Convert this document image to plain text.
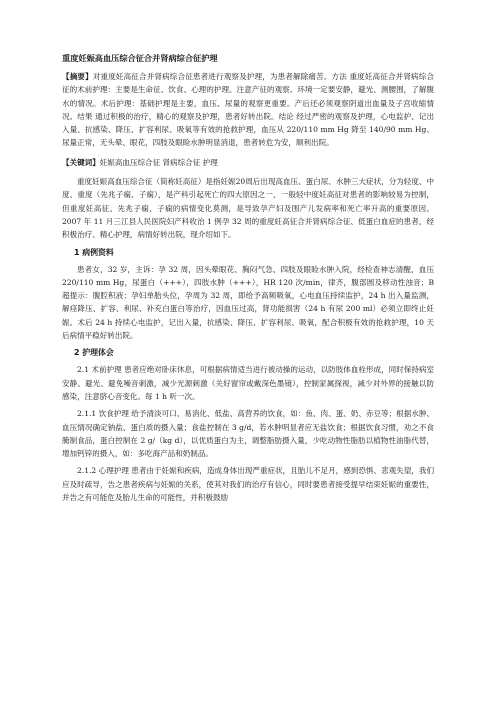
重度妊娠高血压综合征合并肾病综合征护理

【摘要】对重度妊高征合并肾病综合征患者进行观察及护理，为患者解除痛苦。方法 重度妊高征合并肾病综合征的术前护理：主要是生命征、饮食、心理的护理。注意产征的观察。环境一定要安静，避光、测腰围，了解腹水的情况。术后护理：基础护理是主要，血压、尿量的观察更重要。产后还必须观察阴道出血量及子宫收缩情况。结果 通过积极的治疗，精心的观察及护理，患者好转出院。结论 经过严密的观察及护理，心电监护、记出入量、抗感染、降压、扩容利尿、吸氧等有效的抢救护理，血压从 220/110 mm Hg 降至 140/90 mm Hg、尿量正常，无头晕、眼花，四肢及眼睑水肿明显消退，患者转危为安，顺利出院。

【关键词】妊娠高血压综合征 肾病综合征 护理

重度妊娠高血压综合征（简称妊高征）是指妊娠20周后出现高血压、蛋白尿、水肿三大症状，分为轻度、中度、重度（先兆子痫、子痫），是产科引起死亡的四大原因之一，一般轻中度妊高征对患者的影响较易为控制，但重度妊高征、先兆子痫、子痫的病情变化莫测，是导致孕产妇及围产儿发病率和死亡率升高的重要原因。2007 年 11 月三江县人民医院妇产科收治 1 例孕 32 周的重度妊高征合并肾病综合征、低蛋白血症的患者，经积极治疗、精心护理，病情好转出院，现介绍如下。

1 病例资料

患者女，32 岁，主诉：孕 32 周，因头晕眼花、胸闷气急、四肢及眼睑水肿入院，经检查神志清醒，血压 220/110 mm Hg，尿蛋白（+++），四肢水肿（+++），HR 120 次/min，律齐，腹部圆及移动性浊音；B 超提示：腹腔积液；孕妇单胎头位，孕周为 32 周，即给予高频吸氧，心电血压持续监护，24 h 出入量监测，解痉降压、扩容、利尿、补充白蛋白等治疗，因血压过高，肾功能损害（24 h 有尿 200 ml）必须立即终止妊娠。术后 24 h 持续心电监护，记出入量，抗感染、降压、扩容利尿、吸氧，配合积极有效的抢救护理，10 天后病情平稳好转出院。

2 护理体会

2.1 术前护理 患者应绝对卧床休息，可根据病情适当进行被动操的运动，以防肢体血栓形成，同时保持病室安静、避光、避免噪音刺激，减少光源刺激（关好窗帘或戴深色墨镜），控制家属探视，减少对外界的接触以防感染，注意脐心音变化。每 1 h 听一次。

2.1.1 饮食护理 给予清淡可口、易消化、低盐、高营养的饮食，如：鱼、肉、蛋、奶、赤豆等；根据水肿、血压情况确定钠盐、蛋白质的摄入量；食盐控制在 3 g/d，若水肿明显者应无盐饮食；根据饮食习惯，劝之不食腌制食品，蛋白控制在 2 g/（kg d），以优质蛋白为主，调整脂肪摄入量，少吃动物性脂肪以植物性油脂代替，增加钙锌的摄入，如：多吃海产品和奶制品。

2.1.2 心理护理 患者由于妊娠和疾病，造成身体出现严重症状，且胎儿不足月，感到恐惧、悲观失望，我们应及时疏导，告之患者疾病与妊娠的关系，使其对我们的治疗有信心，同时要患者接受提早结束妊娠的重要性，并告之有可能危及胎儿生命的可能性，并积极鼓励
